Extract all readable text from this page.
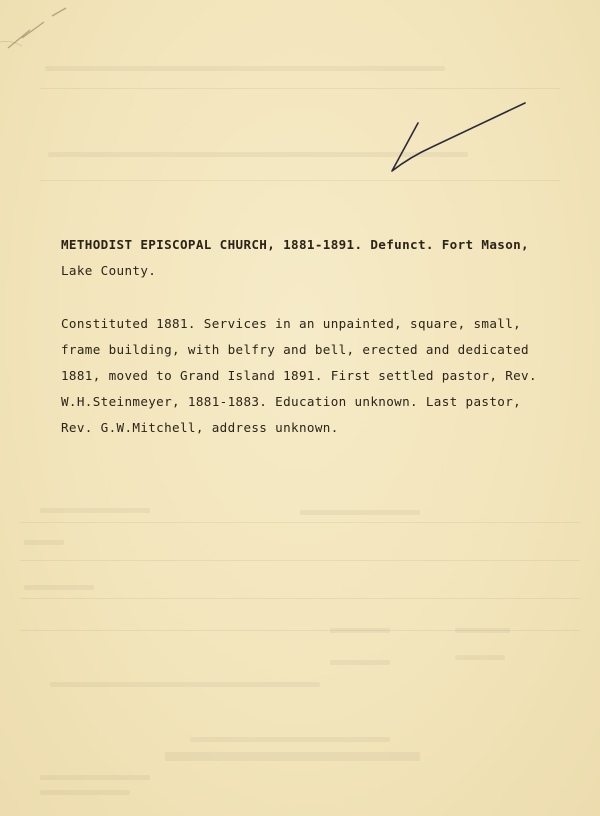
METHODIST EPISCOPAL CHURCH, 1881-1891. Defunct. Fort Mason,
Lake County.
Constituted 1881. Services in an unpainted, square, small,
frame building, with belfry and bell, erected and dedicated
1881, moved to Grand Island 1891. First settled pastor, Rev.
W.H.Steinmeyer, 1881-1883. Education unknown. Last pastor,
Rev. G.W.Mitchell, address unknown.
